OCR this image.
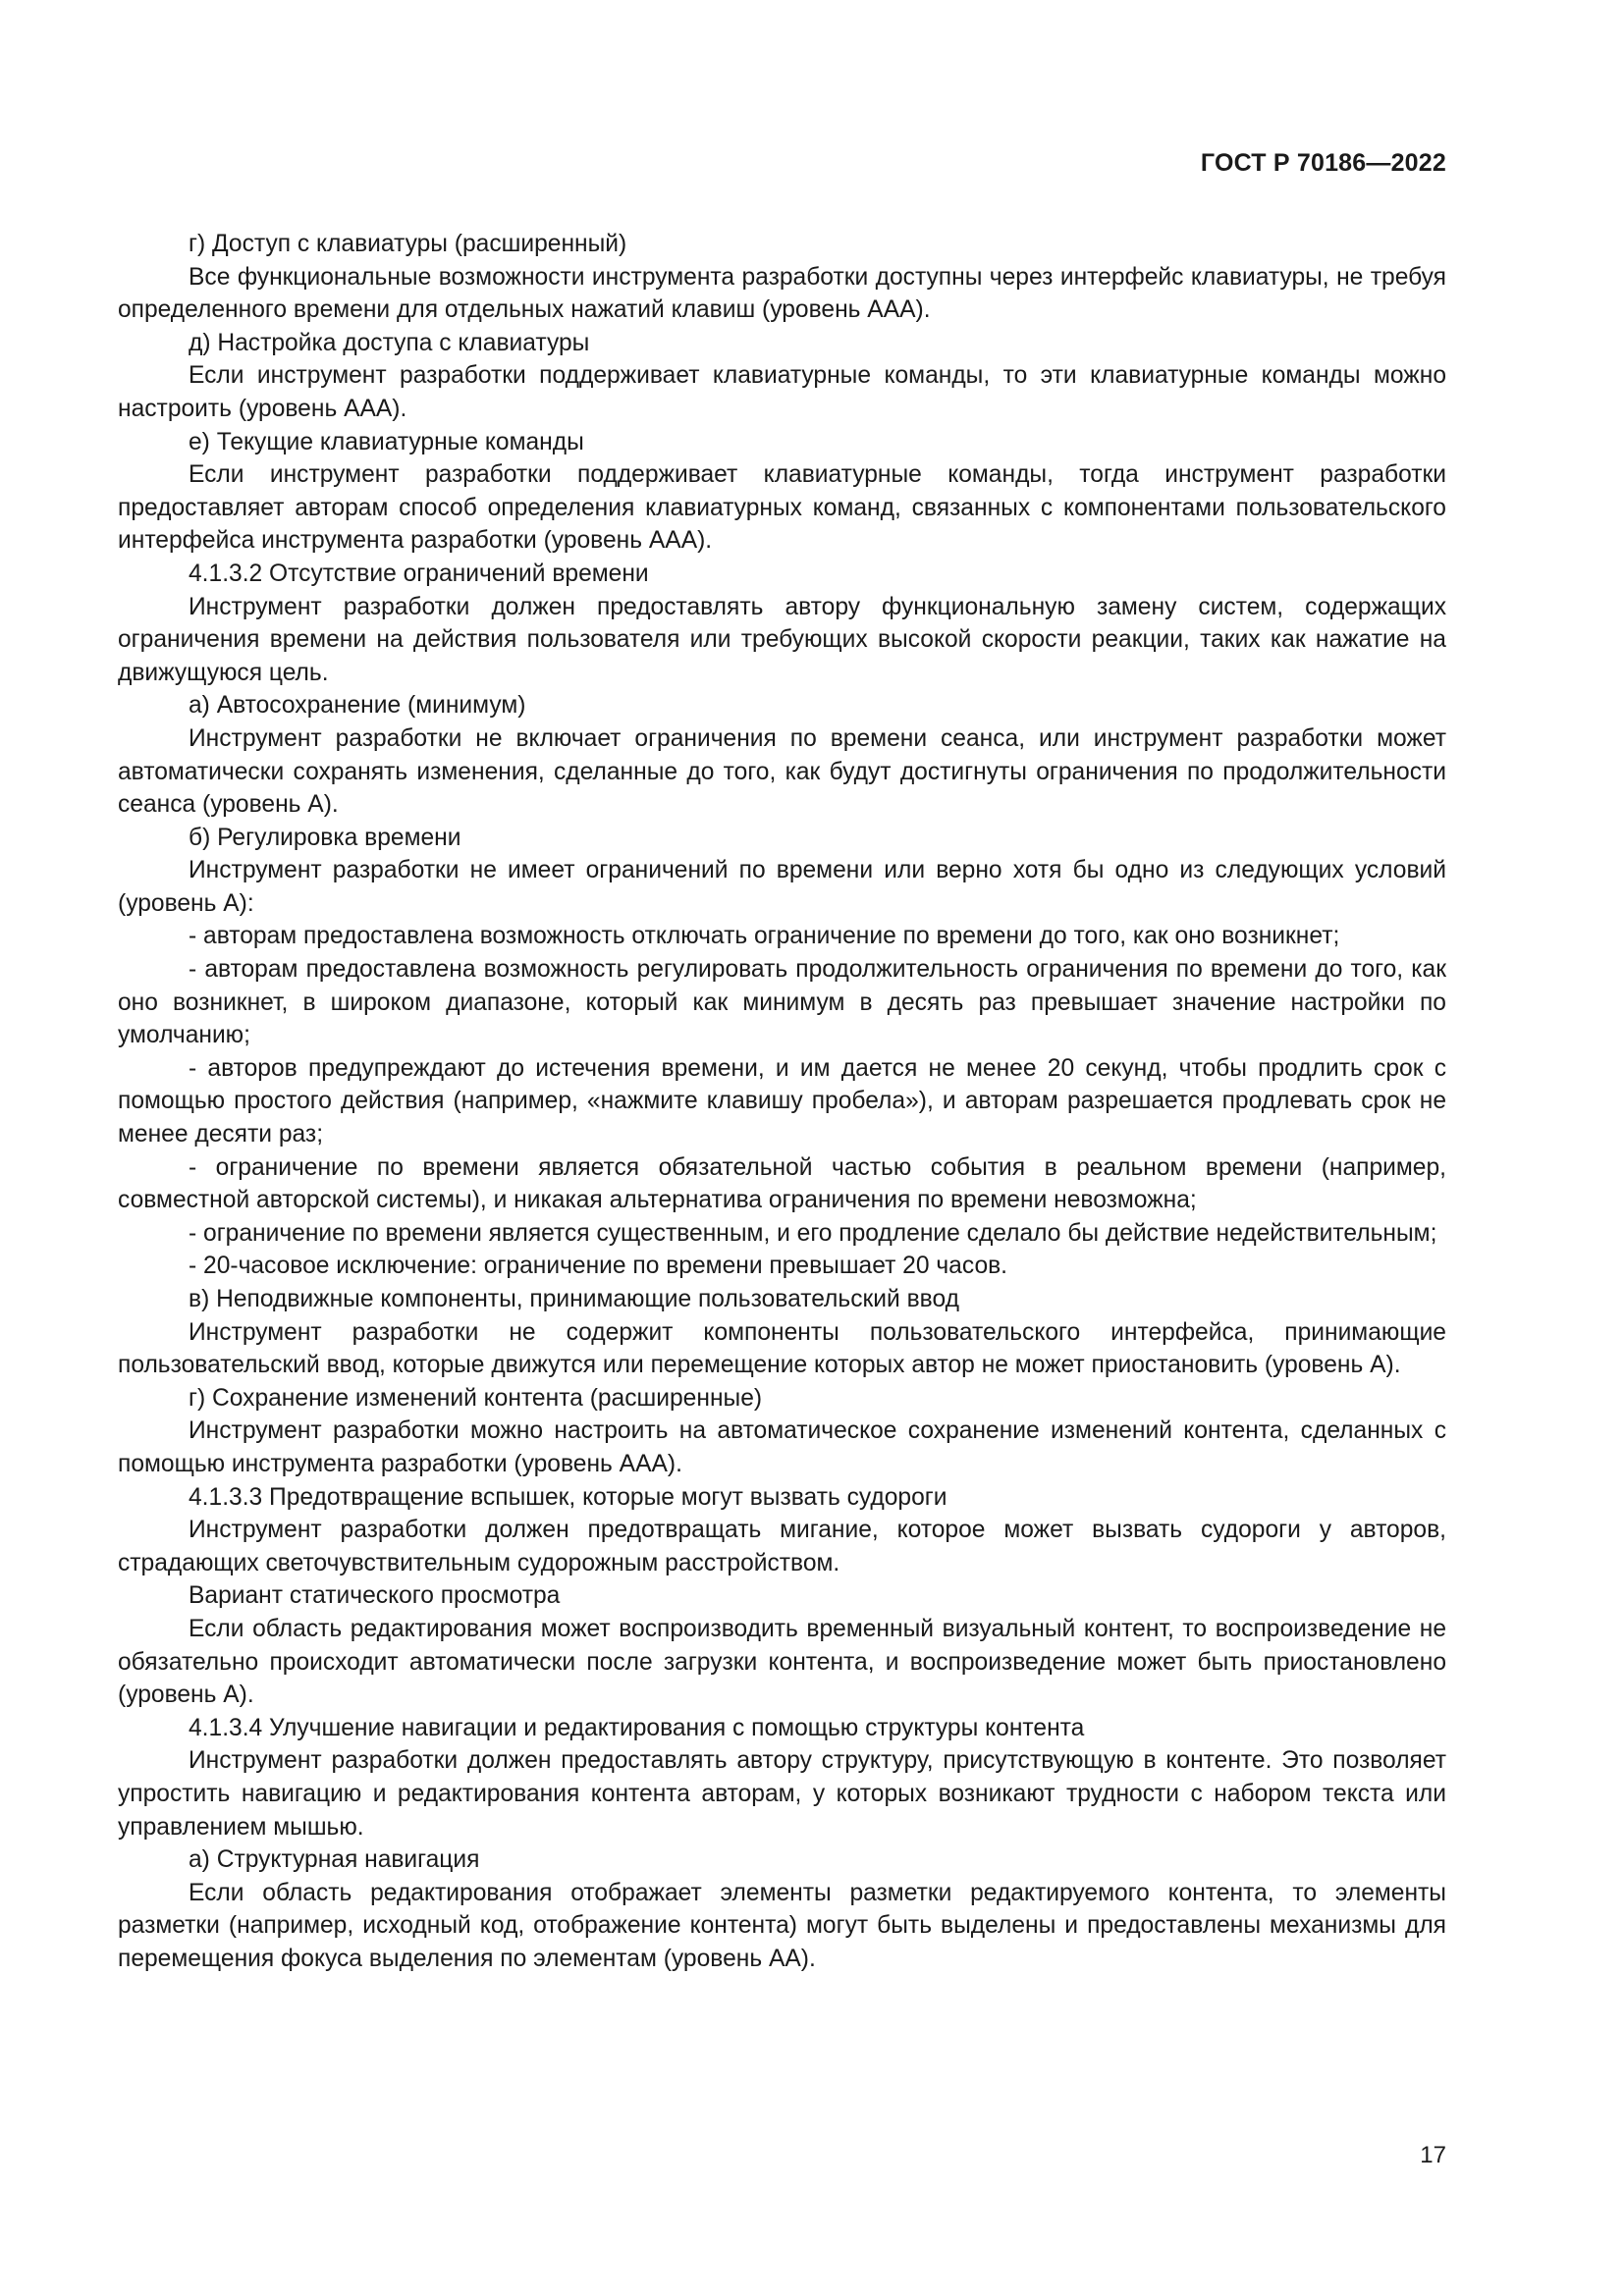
ГОСТ Р 70186—2022

г) Доступ с клавиатуры (расширенный)

Все функциональные возможности инструмента разработки доступны через интерфейс клавиатуры, не требуя определенного времени для отдельных нажатий клавиш (уровень ААА).

д) Настройка доступа с клавиатуры

Если инструмент разработки поддерживает клавиатурные команды, то эти клавиатурные команды можно настроить (уровень ААА).

е) Текущие клавиатурные команды

Если инструмент разработки поддерживает клавиатурные команды, тогда инструмент разработки предоставляет авторам способ определения клавиатурных команд, связанных с компонентами пользовательского интерфейса инструмента разработки (уровень ААА).

4.1.3.2 Отсутствие ограничений времени

Инструмент разработки должен предоставлять автору функциональную замену систем, содержащих ограничения времени на действия пользователя или требующих высокой скорости реакции, таких как нажатие на движущуюся цель.

а) Автосохранение (минимум)

Инструмент разработки не включает ограничения по времени сеанса, или инструмент разработки может автоматически сохранять изменения, сделанные до того, как будут достигнуты ограничения по продолжительности сеанса (уровень А).

б) Регулировка времени

Инструмент разработки не имеет ограничений по времени или верно хотя бы одно из следующих условий (уровень А):

- авторам предоставлена возможность отключать ограничение по времени до того, как оно возникнет;

- авторам предоставлена возможность регулировать продолжительность ограничения по времени до того, как оно возникнет, в широком диапазоне, который как минимум в десять раз превышает значение настройки по умолчанию;

- авторов предупреждают до истечения времени, и им дается не менее 20 секунд, чтобы продлить срок с помощью простого действия (например, «нажмите клавишу пробела»), и авторам разрешается продлевать срок не менее десяти раз;

- ограничение по времени является обязательной частью события в реальном времени (например, совместной авторской системы), и никакая альтернатива ограничения по времени невозможна;

- ограничение по времени является существенным, и его продление сделало бы действие недействительным;

- 20-часовое исключение: ограничение по времени превышает 20 часов.

в) Неподвижные компоненты, принимающие пользовательский ввод

Инструмент разработки не содержит компоненты пользовательского интерфейса, принимающие пользовательский ввод, которые движутся или перемещение которых автор не может приостановить (уровень А).

г) Сохранение изменений контента (расширенные)

Инструмент разработки можно настроить на автоматическое сохранение изменений контента, сделанных с помощью инструмента разработки (уровень ААА).

4.1.3.3 Предотвращение вспышек, которые могут вызвать судороги

Инструмент разработки должен предотвращать мигание, которое может вызвать судороги у авторов, страдающих светочувствительным судорожным расстройством.

Вариант статического просмотра

Если область редактирования может воспроизводить временный визуальный контент, то воспроизведение не обязательно происходит автоматически после загрузки контента, и воспроизведение может быть приостановлено (уровень А).

4.1.3.4 Улучшение навигации и редактирования с помощью структуры контента

Инструмент разработки должен предоставлять автору структуру, присутствующую в контенте. Это позволяет упростить навигацию и редактирования контента авторам, у которых возникают трудности с набором текста или управлением мышью.

а) Структурная навигация

Если область редактирования отображает элементы разметки редактируемого контента, то элементы разметки (например, исходный код, отображение контента) могут быть выделены и предоставлены механизмы для перемещения фокуса выделения по элементам (уровень АА).

17
